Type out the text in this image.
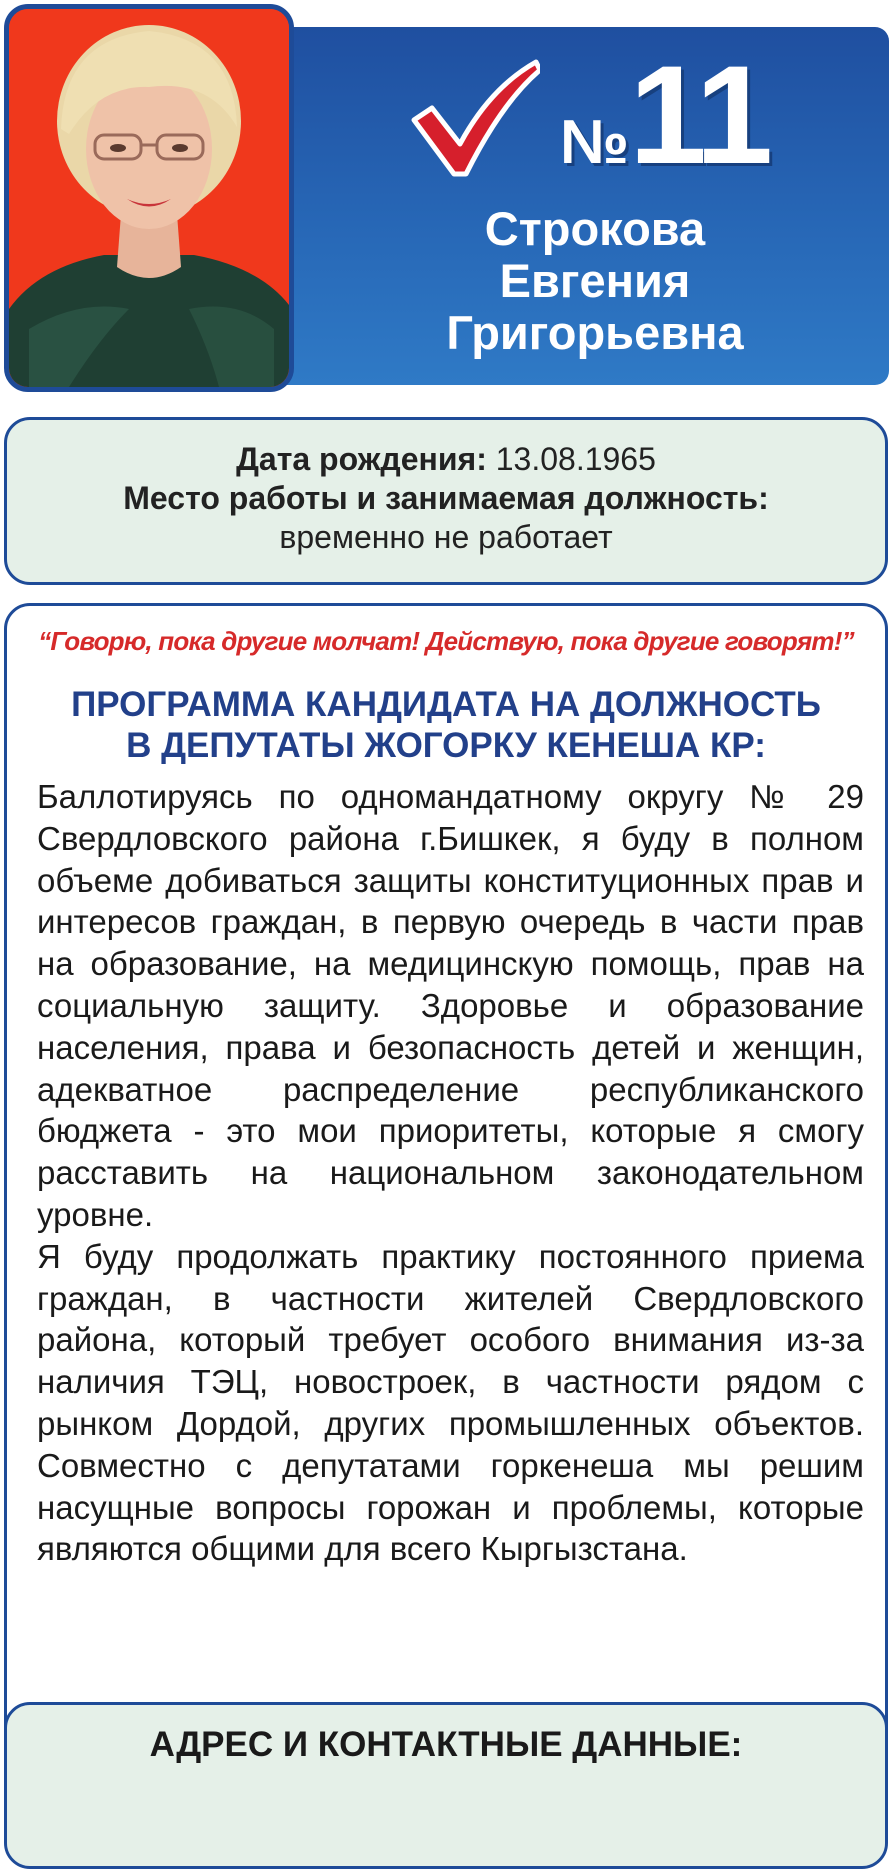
№11
Строкова
Евгения
Григорьевна
Дата рождения: 13.08.1965
Место работы и занимаемая должность:
временно не работает
“Говорю, пока другие молчат! Действую, пока другие говорят!”
ПРОГРАММА КАНДИДАТА НА ДОЛЖНОСТЬ
В ДЕПУТАТЫ ЖОГОРКУ КЕНЕША КР:

Баллотируясь по одномандатному округу № 29 Свердловского района г.Бишкек, я буду в полном объеме добиваться защиты конституционных прав и интересов граждан, в первую очередь в части прав на образование, на медицинскую помощь, прав на социальную защиту. Здоровье и образование населения, права и безопасность детей и женщин, адекватное распределение республиканского бюджета - это мои приоритеты, которые я смогу расставить на национальном законодательном уровне.

Я буду продолжать практику постоянного приема граждан, в частности жителей Свердловского района, который требует особого внимания из-за наличия ТЭЦ, новостроек, в частности рядом с рынком Дордой, других промышленных объектов. Совместно с депутатами горкенеша мы решим насущные вопросы горожан и проблемы, которые являются общими для всего Кыргызстана.

АДРЕС И КОНТАКТНЫЕ ДАННЫЕ:
